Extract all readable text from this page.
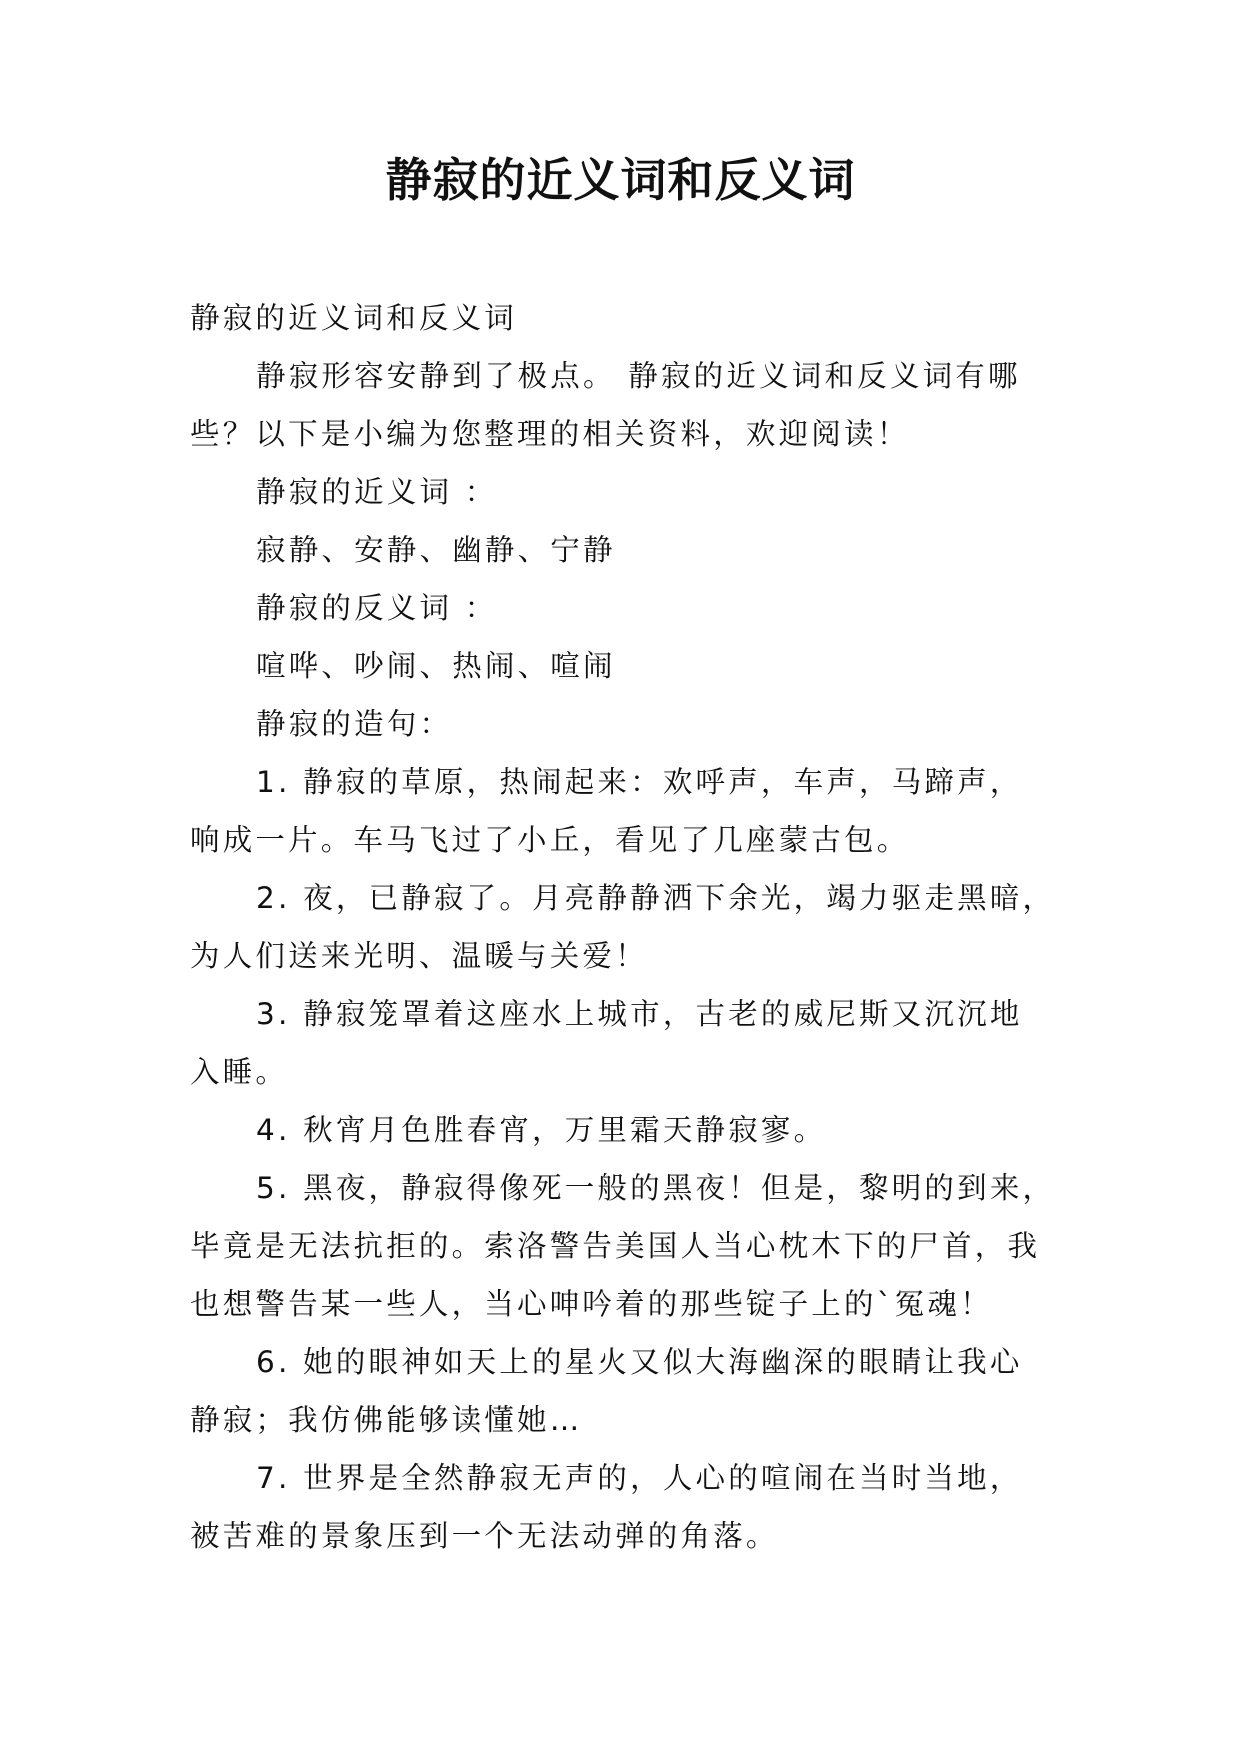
静寂的近义词和反义词

静寂的近义词和反义词

静寂形容安静到了极点。 静寂的近义词和反义词有哪

些？以下是小编为您整理的相关资料，欢迎阅读！

静寂的近义词 ：

寂静、安静、幽静、宁静

静寂的反义词 ：

喧哗、吵闹、热闹、喧闹

静寂的造句：

1. 静寂的草原，热闹起来：欢呼声，车声，马蹄声，

响成一片。车马飞过了小丘，看见了几座蒙古包。

2. 夜，已静寂了。月亮静静洒下余光，竭力驱走黑暗，

为人们送来光明、温暖与关爱！

3. 静寂笼罩着这座水上城市，古老的威尼斯又沉沉地

入睡。

4. 秋宵月色胜春宵，万里霜天静寂寥。

5. 黑夜，静寂得像死一般的黑夜！但是，黎明的到来，

毕竟是无法抗拒的。索洛警告美国人当心枕木下的尸首，我

也想警告某一些人，当心呻吟着的那些锭子上的`冤魂！

6. 她的眼神如天上的星火又似大海幽深的眼睛让我心

静寂；我仿佛能够读懂她…

7. 世界是全然静寂无声的，人心的喧闹在当时当地，

被苦难的景象压到一个无法动弹的角落。
